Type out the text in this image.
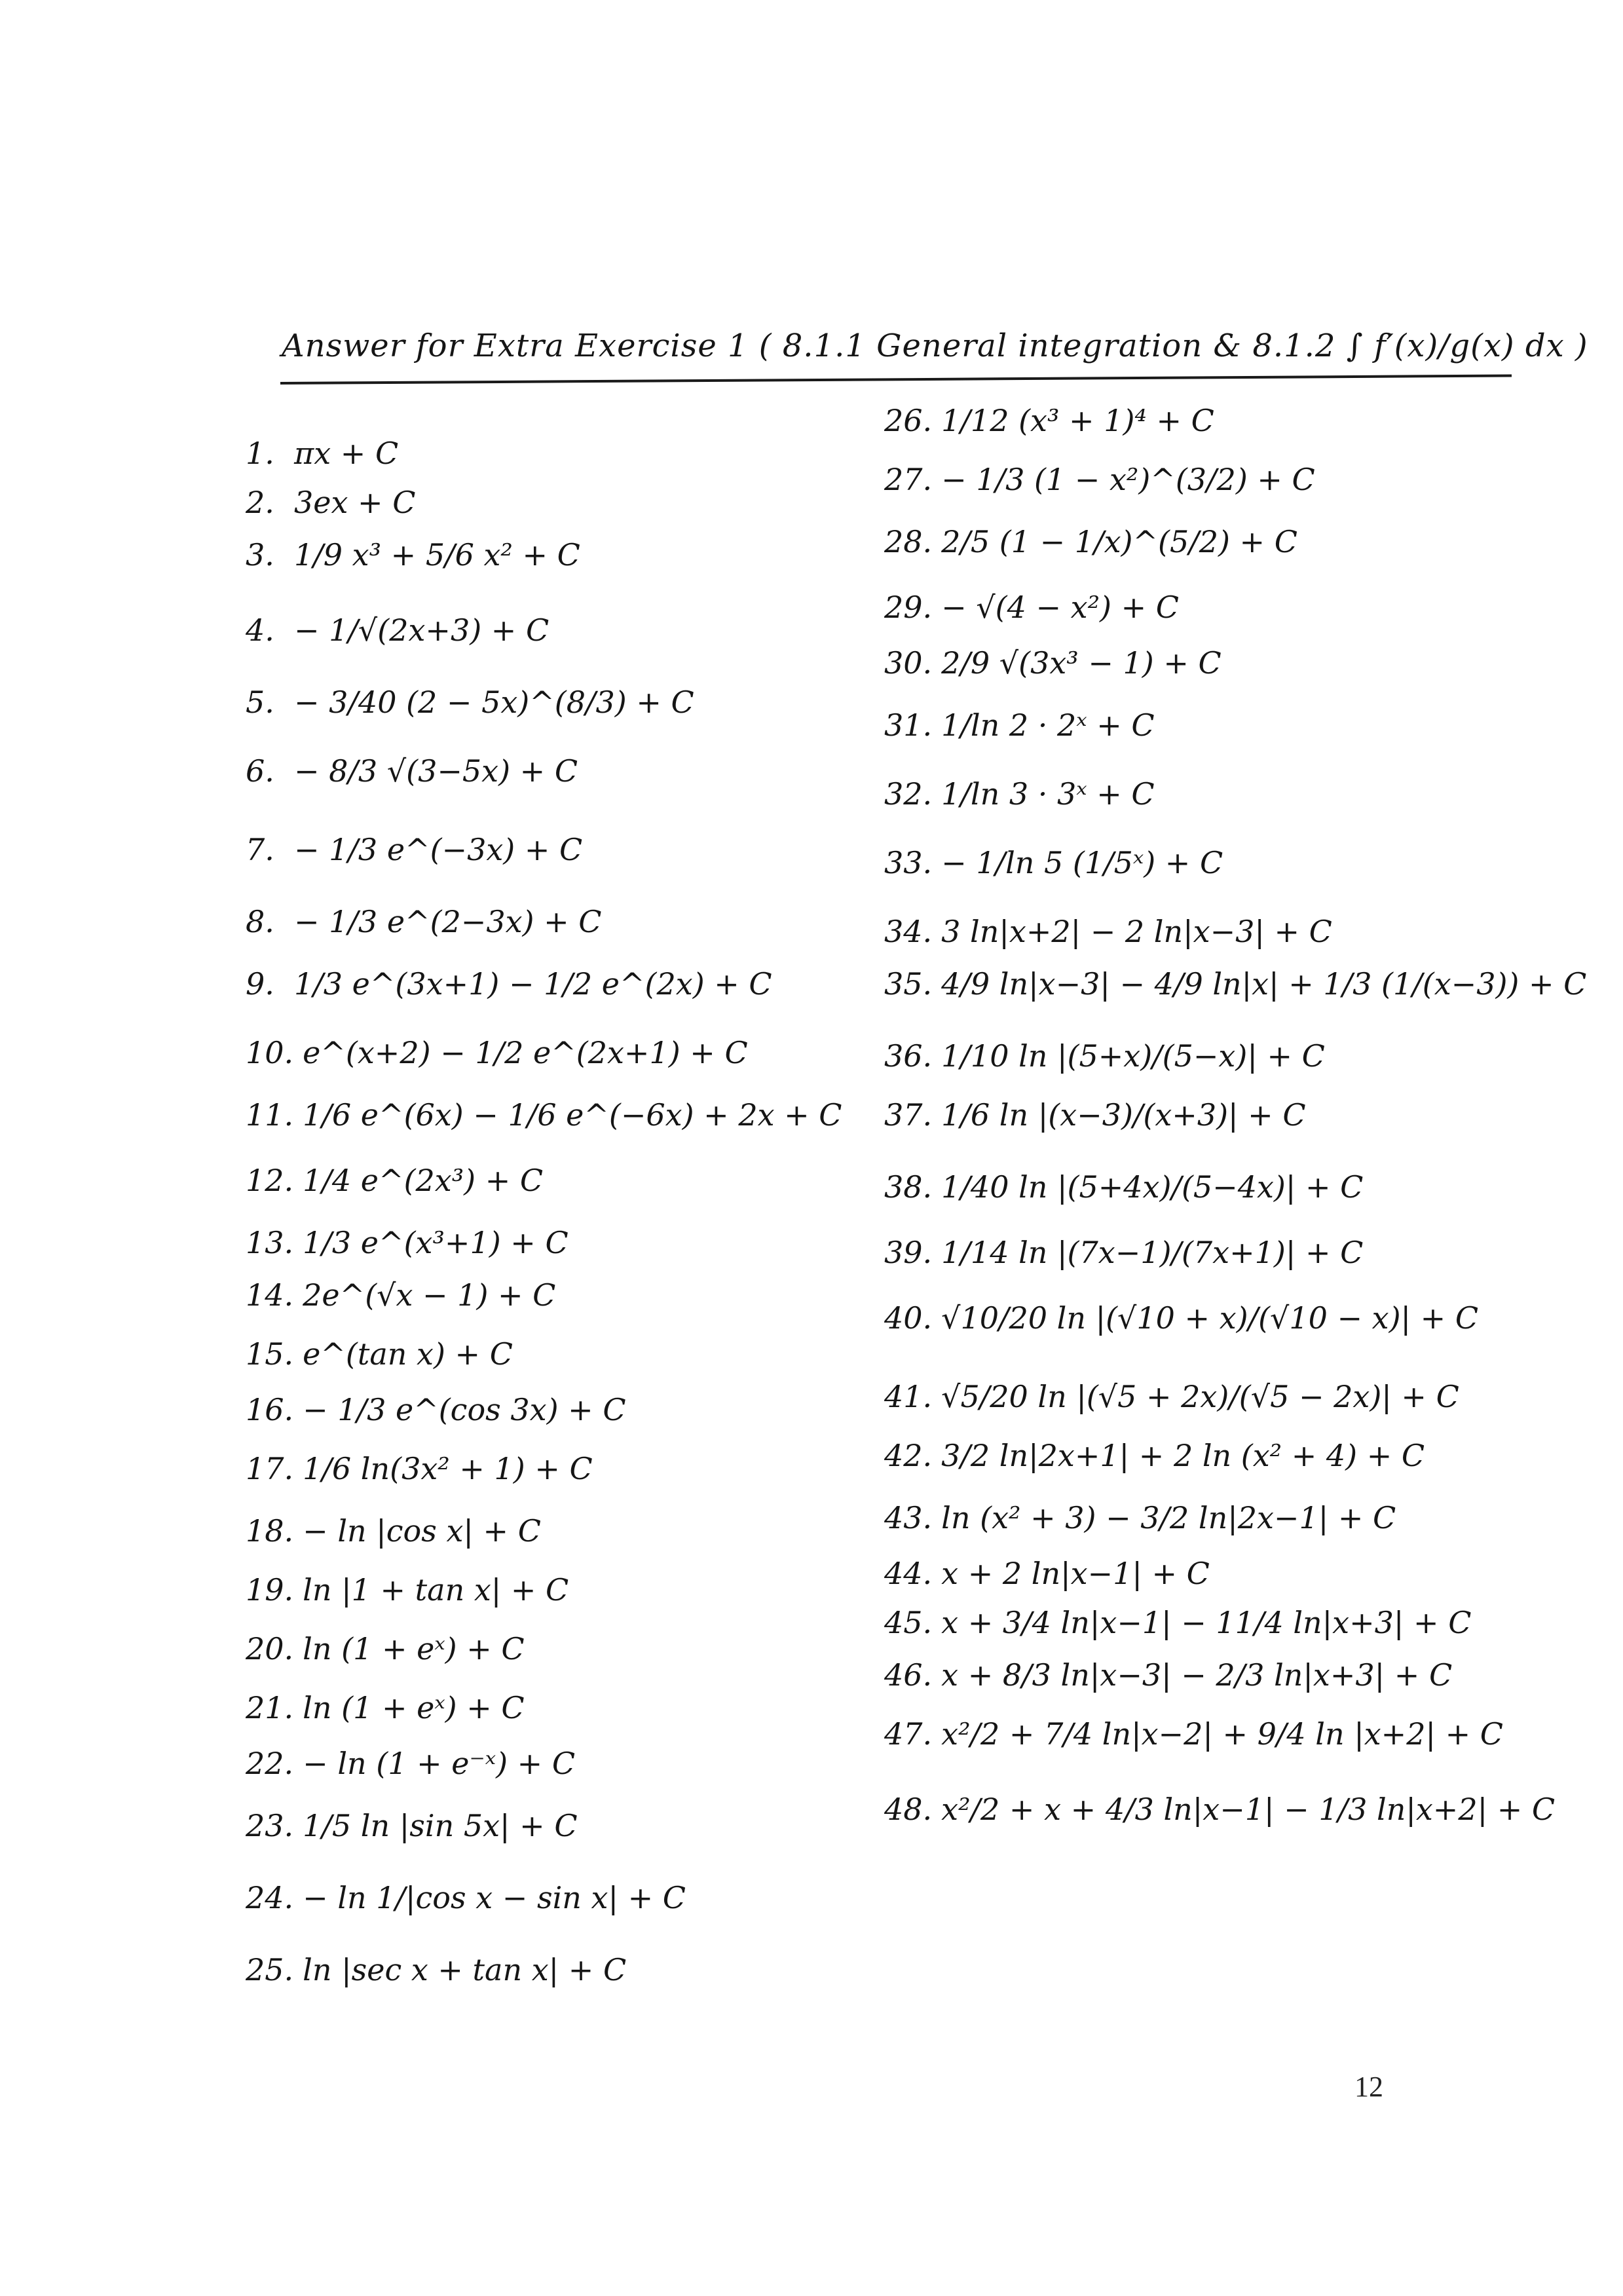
Answer for Extra Exercise 1 ( 8.1.1 General integration & 8.1.2 ∫ f′(x)/g(x) dx )
1. πx + C
2. 3ex + C
3. 1/9 x³ + 5/6 x² + C
4. − 1/√(2x+3) + C
5. − 3/40 (2 − 5x)^(8/3) + C
6. − 8/3 √(3−5x) + C
7. − 1/3 e^(−3x) + C
8. − 1/3 e^(2−3x) + C
9. 1/3 e^(3x+1) − 1/2 e^(2x) + C
10. e^(x+2) − 1/2 e^(2x+1) + C
11. 1/6 e^(6x) − 1/6 e^(−6x) + 2x + C
12. 1/4 e^(2x³) + C
13. 1/3 e^(x³+1) + C
14. 2e^(√x − 1) + C
15. e^(tan x) + C
16. − 1/3 e^(cos 3x) + C
17. 1/6 ln(3x² + 1) + C
18. − ln |cos x| + C
19. ln |1 + tan x| + C
20. ln (1 + eˣ) + C
21. ln (1 + eˣ) + C
22. − ln (1 + e⁻ˣ) + C
23. 1/5 ln |sin 5x| + C
24. − ln 1/|cos x − sin x| + C
25. ln |sec x + tan x| + C
26. 1/12 (x³ + 1)⁴ + C
27. − 1/3 (1 − x²)^(3/2) + C
28. 2/5 (1 − 1/x)^(5/2) + C
29. − √(4 − x²) + C
30. 2/9 √(3x³ − 1) + C
31. 1/ln 2 · 2ˣ + C
32. 1/ln 3 · 3ˣ + C
33. − 1/ln 5 (1/5ˣ) + C
34. 3 ln|x+2| − 2 ln|x−3| + C
35. 4/9 ln|x−3| − 4/9 ln|x| + 1/3 (1/(x−3)) + C
36. 1/10 ln |(5+x)/(5−x)| + C
37. 1/6 ln |(x−3)/(x+3)| + C
38. 1/40 ln |(5+4x)/(5−4x)| + C
39. 1/14 ln |(7x−1)/(7x+1)| + C
40. √10/20 ln |(√10 + x)/(√10 − x)| + C
41. √5/20 ln |(√5 + 2x)/(√5 − 2x)| + C
42. 3/2 ln|2x+1| + 2 ln (x² + 4) + C
43. ln (x² + 3) − 3/2 ln|2x−1| + C
44. x + 2 ln|x−1| + C
45. x + 3/4 ln|x−1| − 11/4 ln|x+3| + C
46. x + 8/3 ln|x−3| − 2/3 ln|x+3| + C
47. x²/2 + 7/4 ln|x−2| + 9/4 ln |x+2| + C
48. x²/2 + x + 4/3 ln|x−1| − 1/3 ln|x+2| + C
12
